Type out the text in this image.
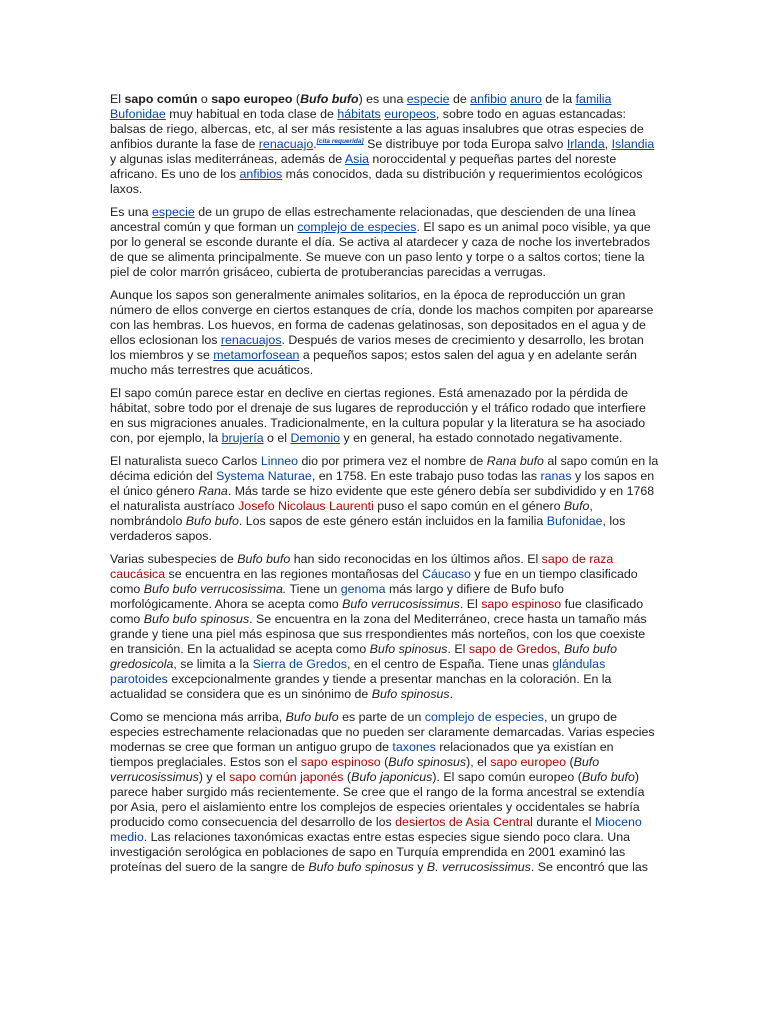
El sapo común o sapo europeo (Bufo bufo) es una especie de anfibio anuro de la familia Bufonidae muy habitual en toda clase de hábitats europeos, sobre todo en aguas estancadas: balsas de riego, albercas, etc, al ser más resistente a las aguas insalubres que otras especies de anfibios durante la fase de renacuajo.[cita requerida] Se distribuye por toda Europa salvo Irlanda, Islandia y algunas islas mediterráneas, además de Asia noroccidental y pequeñas partes del noreste africano. Es uno de los anfibios más conocidos, dada su distribución y requerimientos ecológicos laxos.

Es una especie de un grupo de ellas estrechamente relacionadas, que descienden de una línea ancestral común y que forman un complejo de especies. El sapo es un animal poco visible, ya que por lo general se esconde durante el día. Se activa al atardecer y caza de noche los invertebrados de que se alimenta principalmente. Se mueve con un paso lento y torpe o a saltos cortos; tiene la piel de color marrón grisáceo, cubierta de protuberancias parecidas a verrugas.

Aunque los sapos son generalmente animales solitarios, en la época de reproducción un gran número de ellos converge en ciertos estanques de cría, donde los machos compiten por aparearse con las hembras. Los huevos, en forma de cadenas gelatinosas, son depositados en el agua y de ellos eclosionan los renacuajos. Después de varios meses de crecimiento y desarrollo, les brotan los miembros y se metamorfosean a pequeños sapos; estos salen del agua y en adelante serán mucho más terrestres que acuáticos.

El sapo común parece estar en declive en ciertas regiones. Está amenazado por la pérdida de hábitat, sobre todo por el drenaje de sus lugares de reproducción y el tráfico rodado que interfiere en sus migraciones anuales. Tradicionalmente, en la cultura popular y la literatura se ha asociado con, por ejemplo, la brujería o el Demonio y en general, ha estado connotado negativamente.

El naturalista sueco Carlos Linneo dio por primera vez el nombre de Rana bufo al sapo común en la décima edición del Systema Naturae, en 1758. En este trabajo puso todas las ranas y los sapos en el único género Rana. Más tarde se hizo evidente que este género debía ser subdividido y en 1768 el naturalista austríaco Josefo Nicolaus Laurenti puso el sapo común en el género Bufo, nombrándolo Bufo bufo. Los sapos de este género están incluidos en la familia Bufonidae, los verdaderos sapos.

Varias subespecies de Bufo bufo han sido reconocidas en los últimos años. El sapo de raza caucásica se encuentra en las regiones montañosas del Cáucaso y fue en un tiempo clasificado como Bufo bufo verrucosissima. Tiene un genoma más largo y difiere de Bufo bufo morfológicamente. Ahora se acepta como Bufo verrucosissimus. El sapo espinoso fue clasificado como Bufo bufo spinosus. Se encuentra en la zona del Mediterráneo, crece hasta un tamaño más grande y tiene una piel más espinosa que sus rrespondientes más norteños, con los que coexiste en transición. En la actualidad se acepta como Bufo spinosus. El sapo de Gredos, Bufo bufo gredosicola, se limita a la Sierra de Gredos, en el centro de España. Tiene unas glándulas parotoides excepcionalmente grandes y tiende a presentar manchas en la coloración. En la actualidad se considera que es un sinónimo de Bufo spinosus.

Como se menciona más arriba, Bufo bufo es parte de un complejo de especies, un grupo de especies estrechamente relacionadas que no pueden ser claramente demarcadas. Varias especies modernas se cree que forman un antiguo grupo de taxones relacionados que ya existían en tiempos preglaciales. Estos son el sapo espinoso (Bufo spinosus), el sapo europeo (Bufo verrucosissimus) y el sapo común japonés (Bufo japonicus). El sapo común europeo (Bufo bufo) parece haber surgido más recientemente. Se cree que el rango de la forma ancestral se extendía por Asia, pero el aislamiento entre los complejos de especies orientales y occidentales se habría producido como consecuencia del desarrollo de los desiertos de Asia Central durante el Mioceno medio. Las relaciones taxonómicas exactas entre estas especies sigue siendo poco clara. Una investigación serológica en poblaciones de sapo en Turquía emprendida en 2001 examinó las proteínas del suero de la sangre de Bufo bufo spinosus y B. verrucosissimus. Se encontró que las
